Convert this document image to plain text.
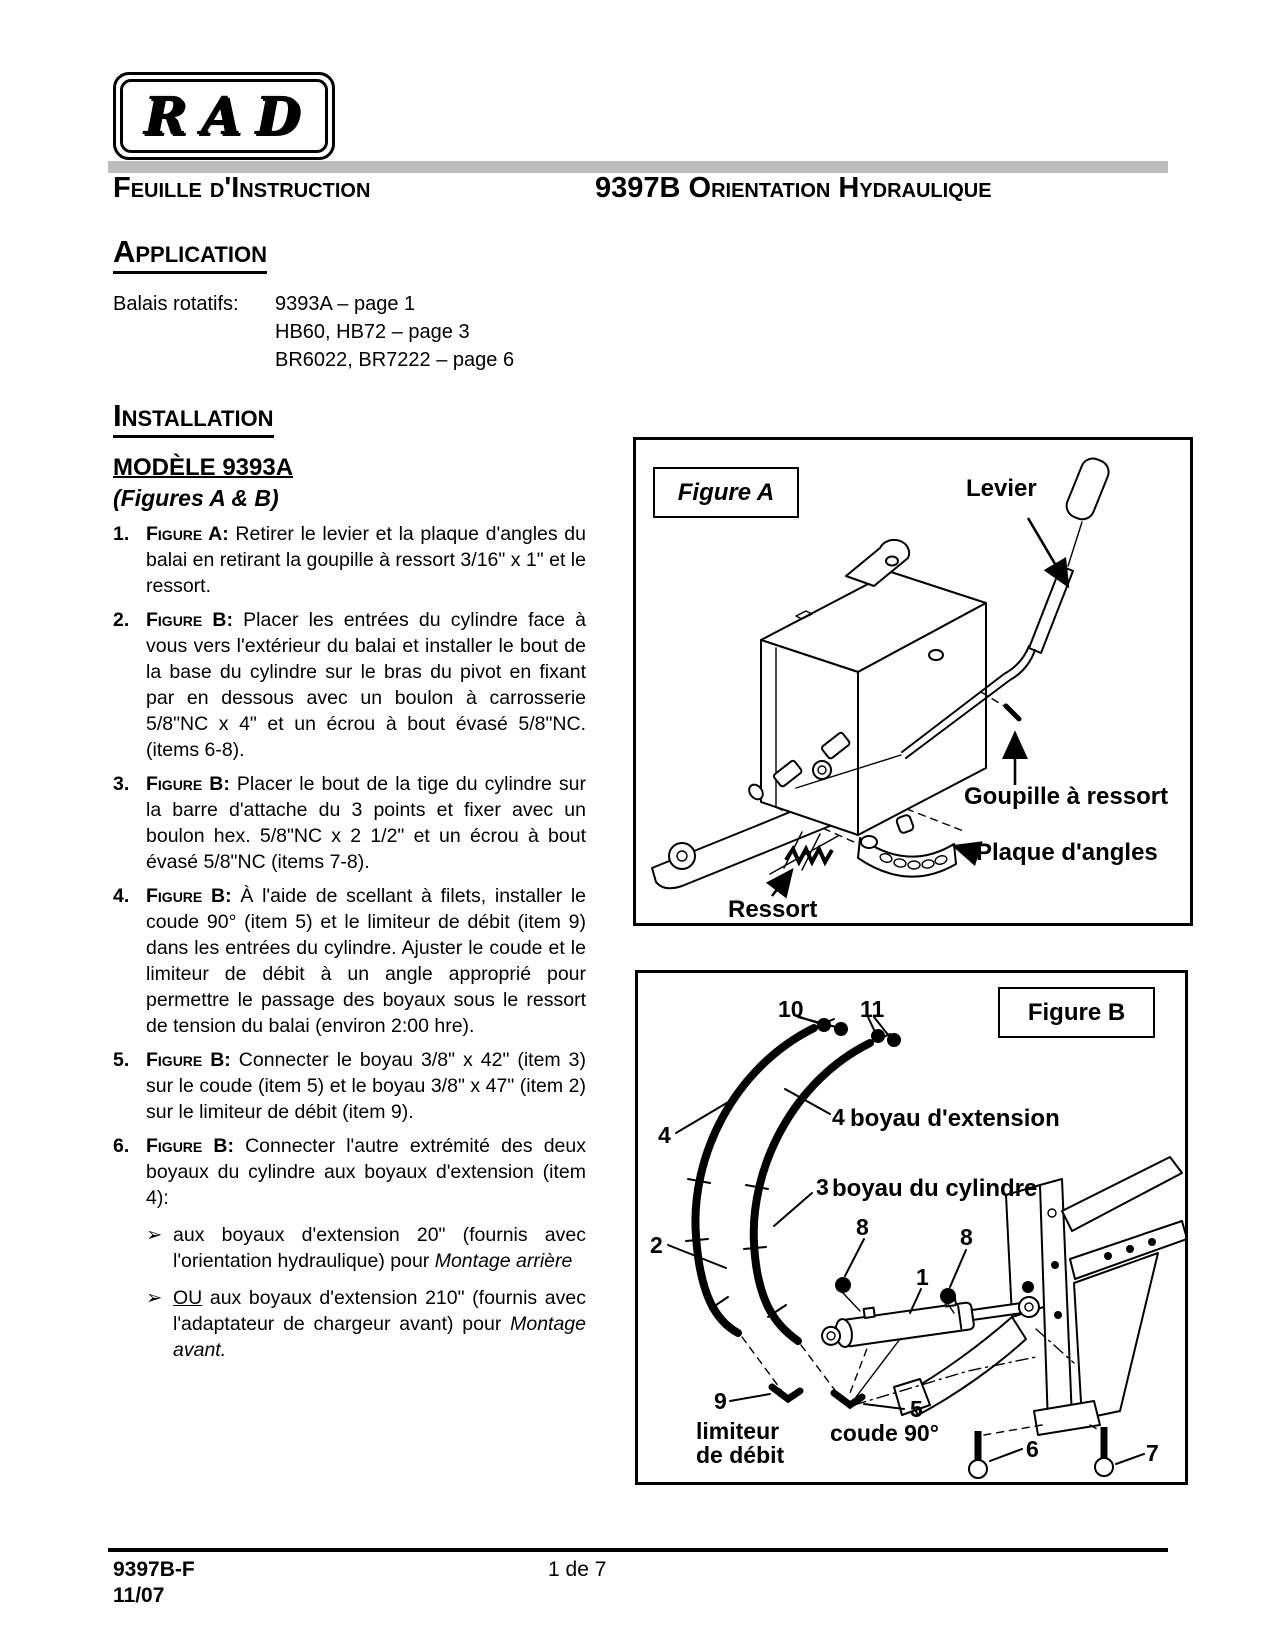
RAD
Feuille d'Instruction	9397B Orientation Hydraulique
Application
Balais rotatifs:	9393A – page 1
HB60, HB72 – page 3
BR6022, BR7222 – page 6
Installation
MODÈLE 9393A
(Figures A & B)
1. Figure A: Retirer le levier et la plaque d'angles du balai en retirant la goupille à ressort 3/16" x 1" et le ressort.
2. Figure B: Placer les entrées du cylindre face à vous vers l'extérieur du balai et installer le bout de la base du cylindre sur le bras du pivot en fixant par en dessous avec un boulon à carrosserie 5/8"NC x 4" et un écrou à bout évasé 5/8"NC. (items 6-8).
3. Figure B: Placer le bout de la tige du cylindre sur la barre d'attache du 3 points et fixer avec un boulon hex. 5/8"NC x 2 1/2" et un écrou à bout évasé 5/8"NC (items 7-8).
4. Figure B: À l'aide de scellant à filets, installer le coude 90° (item 5) et le limiteur de débit (item 9) dans les entrées du cylindre. Ajuster le coude et le limiteur de débit à un angle approprié pour permettre le passage des boyaux sous le ressort de tension du balai (environ 2:00 hre).
5. Figure B: Connecter le boyau 3/8" x 42" (item 3) sur le coude (item 5) et le boyau 3/8" x 47" (item 2) sur le limiteur de débit (item 9).
6. Figure B: Connecter l'autre extrémité des deux boyaux du cylindre aux boyaux d'extension (item 4):
➢ aux boyaux d'extension 20" (fournis avec l'orientation hydraulique) pour Montage arrière
➢ OU aux boyaux d'extension 210" (fournis avec l'adaptateur de chargeur avant) pour Montage avant.
Figure A	Levier
Goupille à ressort
Plaque d'angles
Ressort
Figure B
10 11
4
4
3
2
8	8
1
9	5
6	7
boyau d'extension
boyau du cylindre
limiteur
de débit
coude 90°
9397B-F	1 de 7
11/07
